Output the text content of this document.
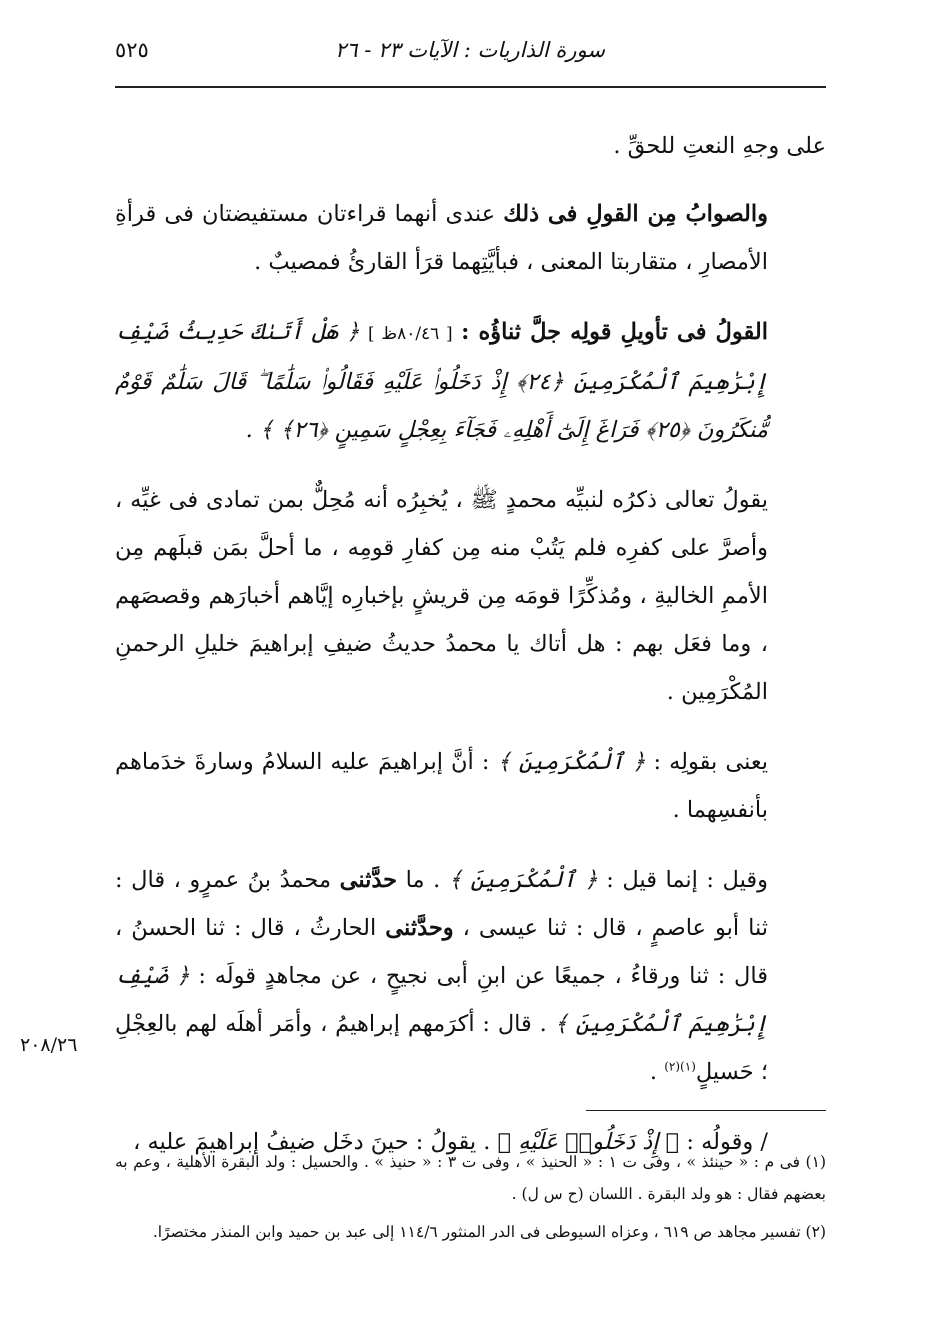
٥٢٥	سورة الذاريات : الآيات ٢٣ - ٢٦

على وجهِ النعتِ للحقِّ .

والصوابُ مِن القولِ فى ذلك عندى أنهما قراءتان مستفيضتان فى قرأةِ الأمصارِ ، متقاربتا المعنى ، فبأيَّتِهما قرَأ القارئُ فمصيبٌ .

القولُ فى تأويلِ قولِه جلَّ ثناؤُه : [ ٨٠/٤٦ظ ] ﴿ هَلْ أَتَىٰكَ حَدِيثُ ضَيْفِ إِبْرَٰهِيمَ ٱلْمُكْرَمِينَ ﴿٢٤﴾ إِذْ دَخَلُوا۟ عَلَيْهِ فَقَالُوا۟ سَلَٰمًا ۖ قَالَ سَلَٰمٌ قَوْمٌ مُّنكَرُونَ ﴿٢٥﴾ فَرَاغَ إِلَىٰٓ أَهْلِهِۦ فَجَآءَ بِعِجْلٍ سَمِينٍ ﴿٢٦﴾ ﴾ .

يقولُ تعالى ذكرُه لنبيِّه محمدٍ ﷺ ، يُخبِرُه أنه مُحِلٌّ بمن تمادى فى غيِّه ، وأصرَّ على كفرِه فلم يَتُبْ منه مِن كفارِ قومِه ، ما أحلَّ بمَن قبلَهم مِن الأممِ الخاليةِ ، ومُذكِّرًا قومَه مِن قريشٍ بإخبارِه إيَّاهم أخبارَهم وقصصَهم ، وما فعَل بهم : هل أتاك يا محمدُ حديثُ ضيفِ إبراهيمَ خليلِ الرحمنِ المُكْرَمِين .

يعنى بقولِه : ﴿ ٱلْمُكْرَمِينَ ﴾ : أنَّ إبراهيمَ عليه السلامُ وسارةَ خدَماهم بأنفسِهما .

وقيل : إنما قيل : ﴿ ٱلْمُكْرَمِينَ ﴾ . ما حدَّثنى محمدُ بنُ عمرٍو ، قال : ثنا أبو عاصمٍ ، قال : ثنا عيسى ، وحدَّثنى الحارثُ ، قال : ثنا الحسنُ ، قال : ثنا ورقاءُ ، جميعًا عن ابنِ أبى نجيحٍ ، عن مجاهدٍ قولَه : ﴿ ضَيْفِ إِبْرَٰهِيمَ ٱلْمُكْرَمِينَ ﴾ . قال : أكرَمهم إبراهيمُ ، وأمَر أهلَه لهم بالعِجْلِ ؛ حَسيلٍ$^{(١)(٢)}$ .

/ وقولُه : ﴿ إِذْ دَخَلُوا۟ عَلَيْهِ ﴾ . يقولُ : حينَ دخَل ضيفُ إبراهيمَ عليه ،

٢٠٨/٢٦

(١) فى م : « حينئذ » ، وفى ت ١ : « الحنيذ » ، وفى ت ٣ : « حنيذ » . والحسيل : ولد البقرة الأهلية ، وعم به بعضهم فقال : هو ولد البقرة . اللسان (ح س ل) .

(٢) تفسير مجاهد ص ٦١٩ ، وعزاه السيوطى فى الدر المنثور ١١٤/٦ إلى عبد بن حميد وابن المنذر مختصرًا.
